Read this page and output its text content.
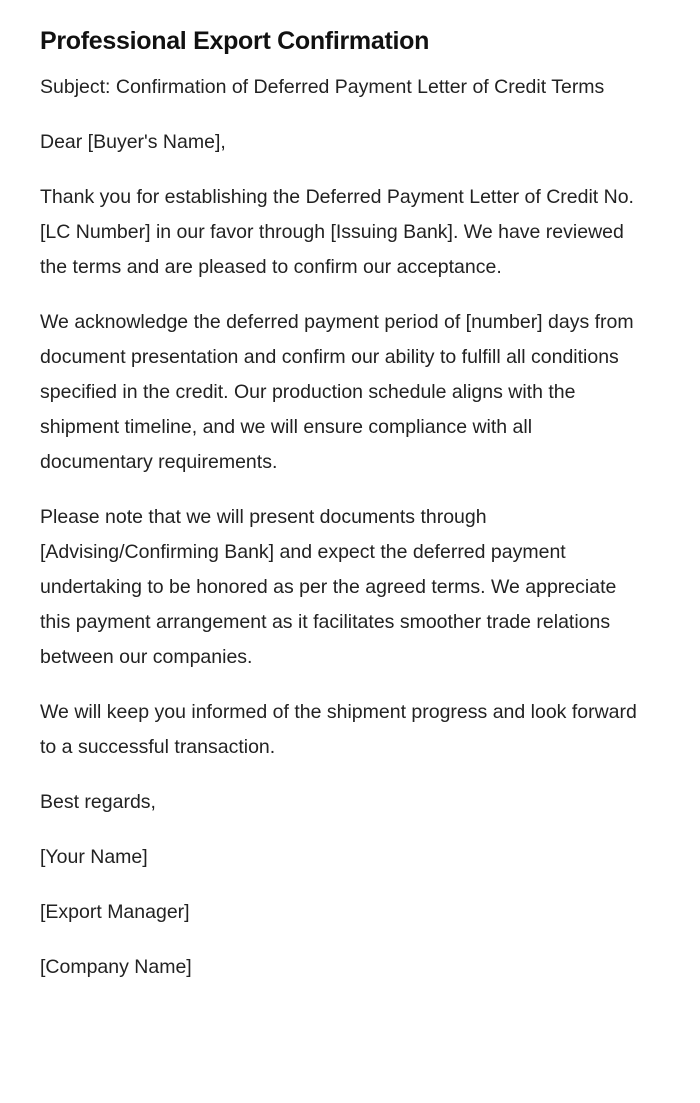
Professional Export Confirmation

Subject: Confirmation of Deferred Payment Letter of Credit Terms

Dear [Buyer's Name],

Thank you for establishing the Deferred Payment Letter of Credit No. [LC Number] in our favor through [Issuing Bank]. We have reviewed the terms and are pleased to confirm our acceptance.

We acknowledge the deferred payment period of [number] days from document presentation and confirm our ability to fulfill all conditions specified in the credit. Our production schedule aligns with the shipment timeline, and we will ensure compliance with all documentary requirements.

Please note that we will present documents through [Advising/Confirming Bank] and expect the deferred payment undertaking to be honored as per the agreed terms. We appreciate this payment arrangement as it facilitates smoother trade relations between our companies.

We will keep you informed of the shipment progress and look forward to a successful transaction.

Best regards,

[Your Name]

[Export Manager]

[Company Name]
